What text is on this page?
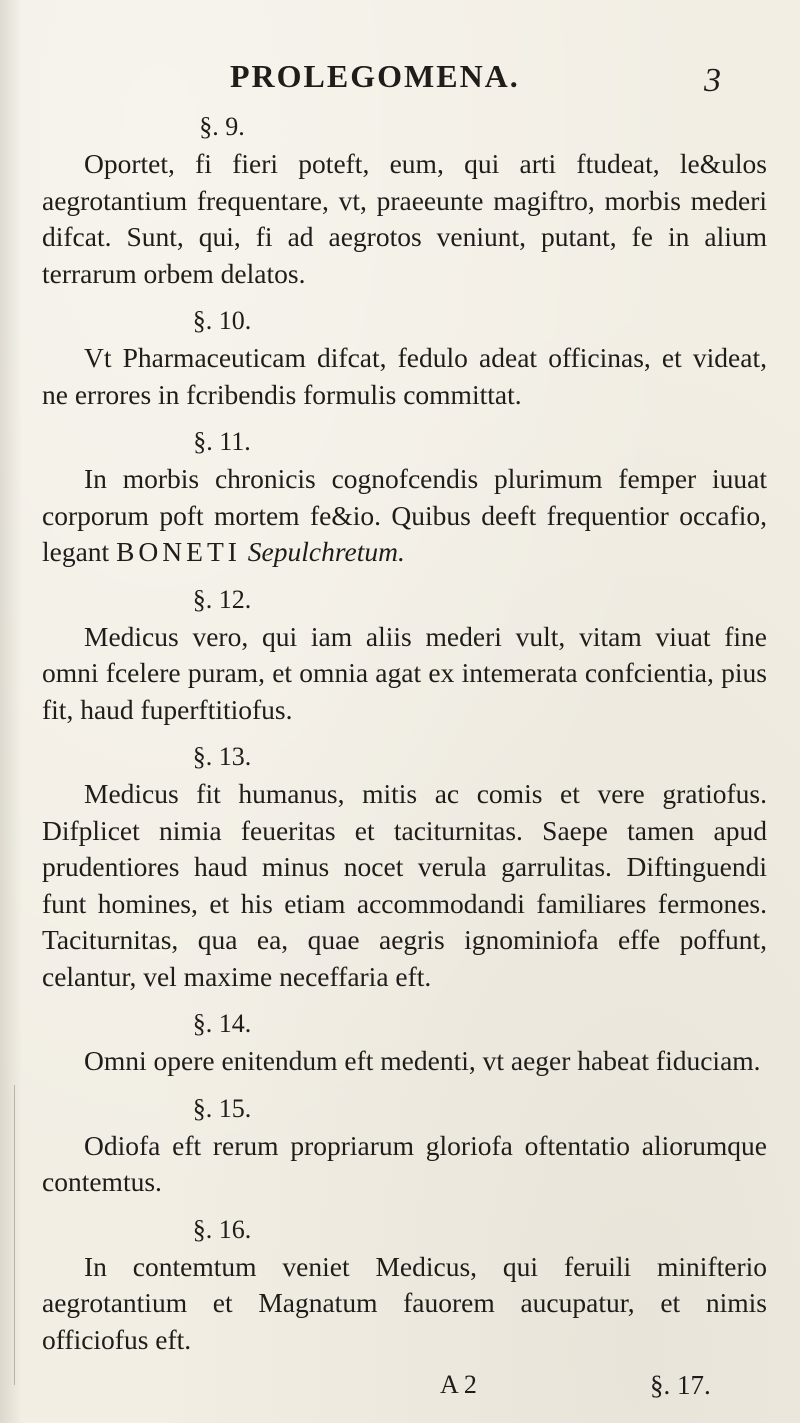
PROLEGOMENA.	3
§. 9.

Oportet, fi fieri poteft, eum, qui arti ftudeat, le&ulos aegrotantium frequentare, vt, praeeunte magiftro, morbis mederi difcat. Sunt, qui, fi ad aegrotos veniunt, putant, fe in alium terrarum orbem delatos.

§. 10.

Vt Pharmaceuticam difcat, fedulo adeat officinas, et videat, ne errores in fcribendis formulis committat.

§. 11.

In morbis chronicis cognofcendis plurimum femper iuuat corporum poft mortem fe&io. Quibus deeft frequentior occafio, legant BONETI Sepulchretum.

§. 12.

Medicus vero, qui iam aliis mederi vult, vitam viuat fine omni fcelere puram, et omnia agat ex intemerata confcientia, pius fit, haud fuperftitiofus.

§. 13.

Medicus fit humanus, mitis ac comis et vere gratiofus. Difplicet nimia feueritas et taciturnitas. Saepe tamen apud prudentiores haud minus nocet verula garrulitas. Diftinguendi funt homines, et his etiam accommodandi familiares fermones. Taciturnitas, qua ea, quae aegris ignominiofa effe poffunt, celantur, vel maxime neceffaria eft.

§. 14.

Omni opere enitendum eft medenti, vt aeger habeat fiduciam.

§. 15.

Odiofa eft rerum propriarum gloriofa oftentatio aliorumque contemtus.

§. 16.

In contemtum veniet Medicus, qui feruili minifterio aegrotantium et Magnatum fauorem aucupatur, et nimis officiofus eft.

A 2	§. 17.
